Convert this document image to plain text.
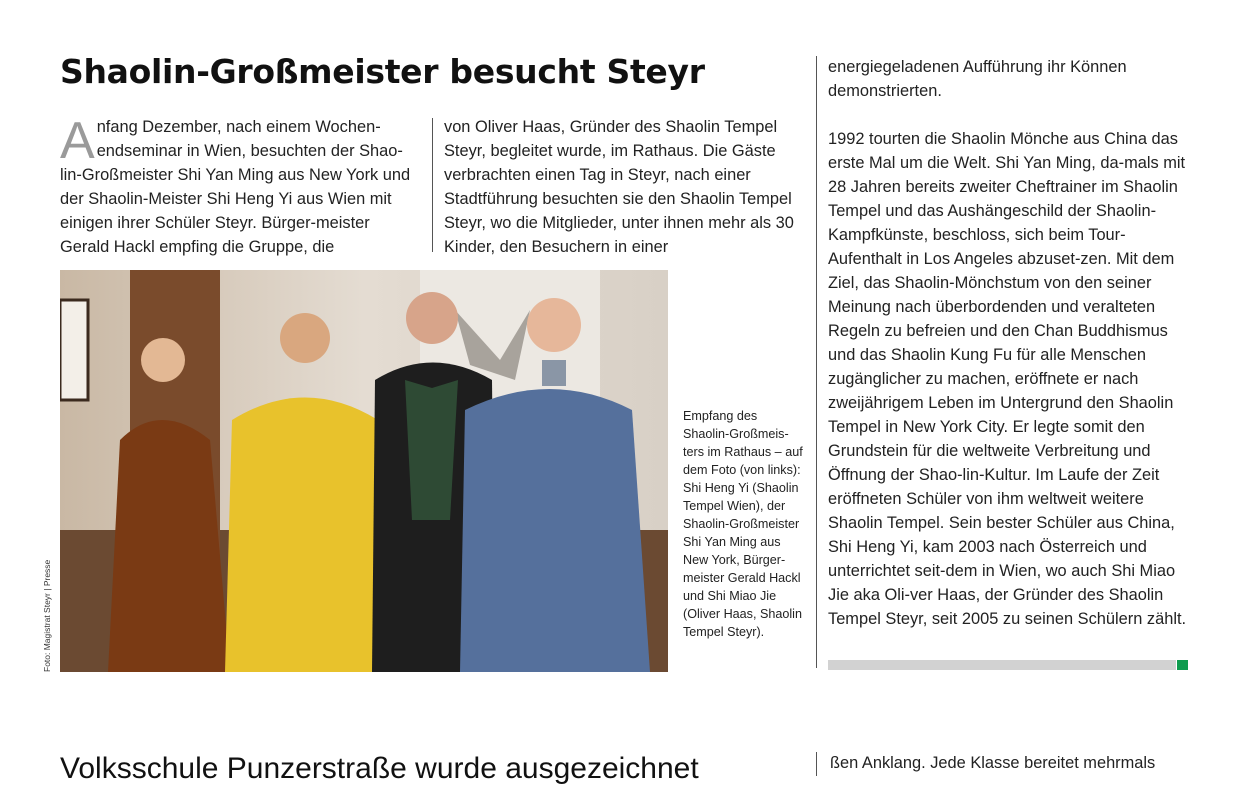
Shaolin-Großmeister besucht Steyr
A nfang Dezember, nach einem Wochen-endseminar in Wien, besuchten der Shao-lin-Großmeister Shi Yan Ming aus New York und der Shaolin-Meister Shi Heng Yi aus Wien mit einigen ihrer Schüler Steyr. Bürger-meister Gerald Hackl empfing die Gruppe, die

von Oliver Haas, Gründer des Shaolin Tempel Steyr, begleitet wurde, im Rathaus. Die Gäste verbrachten einen Tag in Steyr, nach einer Stadtführung besuchten sie den Shaolin Tempel Steyr, wo die Mitglieder, unter ihnen mehr als 30 Kinder, den Besuchern in einer

energiegeladenen Aufführung ihr Können demonstrierten.

1992 tourten die Shaolin Mönche aus China das erste Mal um die Welt. Shi Yan Ming, da-mals mit 28 Jahren bereits zweiter Cheftrainer im Shaolin Tempel und das Aushängeschild der Shaolin-Kampfkünste, beschloss, sich beim Tour-Aufenthalt in Los Angeles abzuset-zen. Mit dem Ziel, das Shaolin-Mönchstum von den seiner Meinung nach überbordenden und veralteten Regeln zu befreien und den Chan Buddhismus und das Shaolin Kung Fu für alle Menschen zugänglicher zu machen, eröffnete er nach zweijährigem Leben im Untergrund den Shaolin Tempel in New York City. Er legte somit den Grundstein für die weltweite Verbreitung und Öffnung der Shao-lin-Kultur. Im Laufe der Zeit eröffneten Schüler von ihm weltweit weitere Shaolin Tempel. Sein bester Schüler aus China, Shi Heng Yi, kam 2003 nach Österreich und unterrichtet seit-dem in Wien, wo auch Shi Miao Jie aka Oli-ver Haas, der Gründer des Shaolin Tempel Steyr, seit 2005 zu seinen Schülern zählt.

Foto: Magistrat Steyr | Presse
Empfang des Shaolin-Großmeis-ters im Rathaus – auf dem Foto (von links): Shi Heng Yi (Shaolin Tempel Wien), der Shaolin-Großmeister Shi Yan Ming aus New York, Bürger-meister Gerald Hackl und Shi Miao Jie (Oliver Haas, Shaolin Tempel Steyr).
Volksschule Punzerstraße wurde ausgezeichnet	ßen Anklang. Jede Klasse bereitet mehrmals
